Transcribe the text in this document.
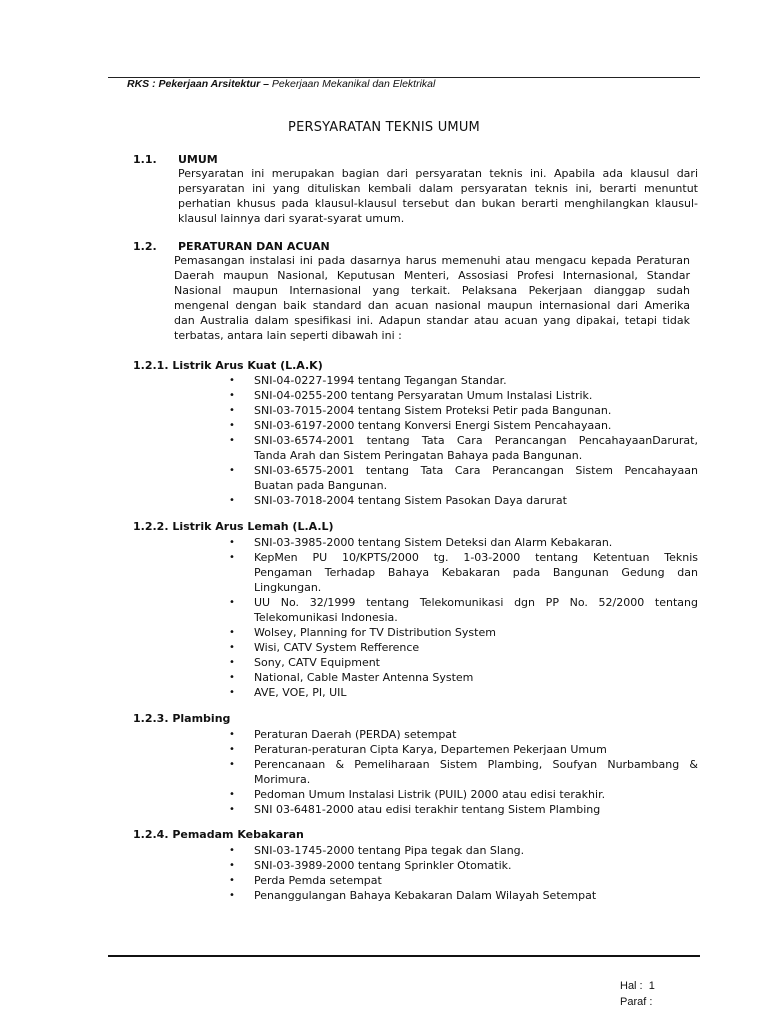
RKS : Pekerjaan Arsitektur – Pekerjaan Mekanikal dan Elektrikal
PERSYARATAN TEKNIS UMUM
1.1. UMUM
Persyaratan ini merupakan bagian dari persyaratan teknis ini. Apabila ada klausul dari
persyaratan ini yang dituliskan kembali dalam persyaratan teknis ini, berarti menuntut
perhatian khusus pada klausul-klausul tersebut dan bukan berarti menghilangkan klausul-
klausul lainnya dari syarat-syarat umum.
1.2. PERATURAN DAN ACUAN
Pemasangan instalasi ini pada dasarnya harus memenuhi atau mengacu kepada Peraturan
Daerah maupun Nasional, Keputusan Menteri, Assosiasi Profesi Internasional, Standar
Nasional maupun Internasional yang terkait. Pelaksana Pekerjaan dianggap sudah
mengenal dengan baik standard dan acuan nasional maupun internasional dari Amerika
dan Australia dalam spesifikasi ini. Adapun standar atau acuan yang dipakai, tetapi tidak
terbatas, antara lain seperti dibawah ini :
1.2.1. Listrik Arus Kuat (L.A.K)
• SNI-04-0227-1994 tentang Tegangan Standar.
• SNI-04-0255-200 tentang Persyaratan Umum Instalasi Listrik.
• SNI-03-7015-2004 tentang Sistem Proteksi Petir pada Bangunan.
• SNI-03-6197-2000 tentang Konversi Energi Sistem Pencahayaan.
• SNI-03-6574-2001 tentang Tata Cara Perancangan PencahayaanDarurat,
Tanda Arah dan Sistem Peringatan Bahaya pada Bangunan.
• SNI-03-6575-2001 tentang Tata Cara Perancangan Sistem Pencahayaan
Buatan pada Bangunan.
• SNI-03-7018-2004 tentang Sistem Pasokan Daya darurat
1.2.2. Listrik Arus Lemah (L.A.L)
• SNI-03-3985-2000 tentang Sistem Deteksi dan Alarm Kebakaran.
• KepMen PU 10/KPTS/2000 tg. 1-03-2000 tentang Ketentuan Teknis
Pengaman Terhadap Bahaya Kebakaran pada Bangunan Gedung dan
Lingkungan.
• UU No. 32/1999 tentang Telekomunikasi dgn PP No. 52/2000 tentang
Telekomunikasi Indonesia.
• Wolsey, Planning for TV Distribution System
• Wisi, CATV System Refference
• Sony, CATV Equipment
• National, Cable Master Antenna System
• AVE, VOE, PI, UIL
1.2.3. Plambing
• Peraturan Daerah (PERDA) setempat
• Peraturan-peraturan Cipta Karya, Departemen Pekerjaan Umum
• Perencanaan & Pemeliharaan Sistem Plambing, Soufyan Nurbambang &
Morimura.
• Pedoman Umum Instalasi Listrik (PUIL) 2000 atau edisi terakhir.
• SNI 03-6481-2000 atau edisi terakhir tentang Sistem Plambing
1.2.4. Pemadam Kebakaran
• SNI-03-1745-2000 tentang Pipa tegak dan Slang.
• SNI-03-3989-2000 tentang Sprinkler Otomatik.
• Perda Pemda setempat
• Penanggulangan Bahaya Kebakaran Dalam Wilayah Setempat
Hal :  1
Paraf :
